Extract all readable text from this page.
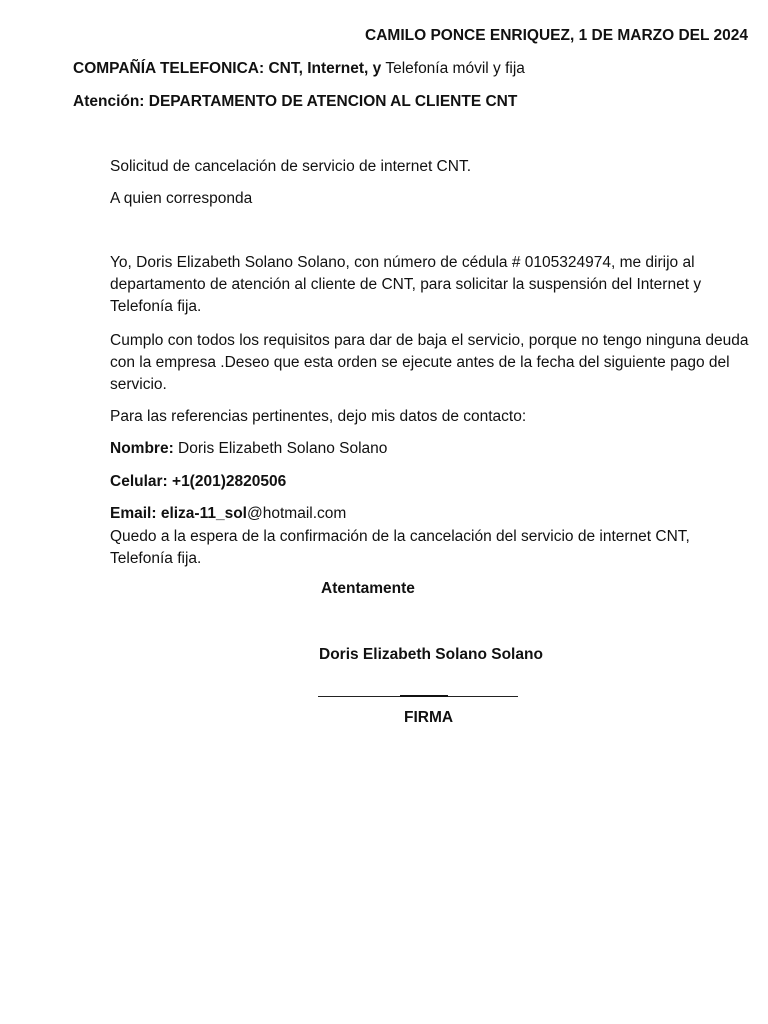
CAMILO PONCE ENRIQUEZ, 1 DE MARZO DEL 2024
COMPAÑÍA TELEFONICA: CNT, Internet, y Telefonía móvil y fija
Atención: DEPARTAMENTO DE ATENCION AL CLIENTE CNT
Solicitud de cancelación de servicio de internet CNT.
A quien corresponda
Yo, Doris Elizabeth Solano Solano, con número de cédula # 0105324974, me dirijo al departamento de atención al cliente de CNT, para solicitar la suspensión del Internet y Telefonía fija.
Cumplo con todos los requisitos para dar de baja el servicio, porque no tengo ninguna deuda con la empresa .Deseo que esta orden se ejecute antes de la fecha del siguiente pago del servicio.
Para las referencias pertinentes, dejo mis datos de contacto:
Nombre: Doris Elizabeth Solano Solano
Celular: +1(201)2820506
Email: eliza-11_sol@hotmail.com
Quedo a la espera de la confirmación de la cancelación del servicio de internet CNT, Telefonía fija.
Atentamente
Doris Elizabeth Solano Solano
FIRMA
